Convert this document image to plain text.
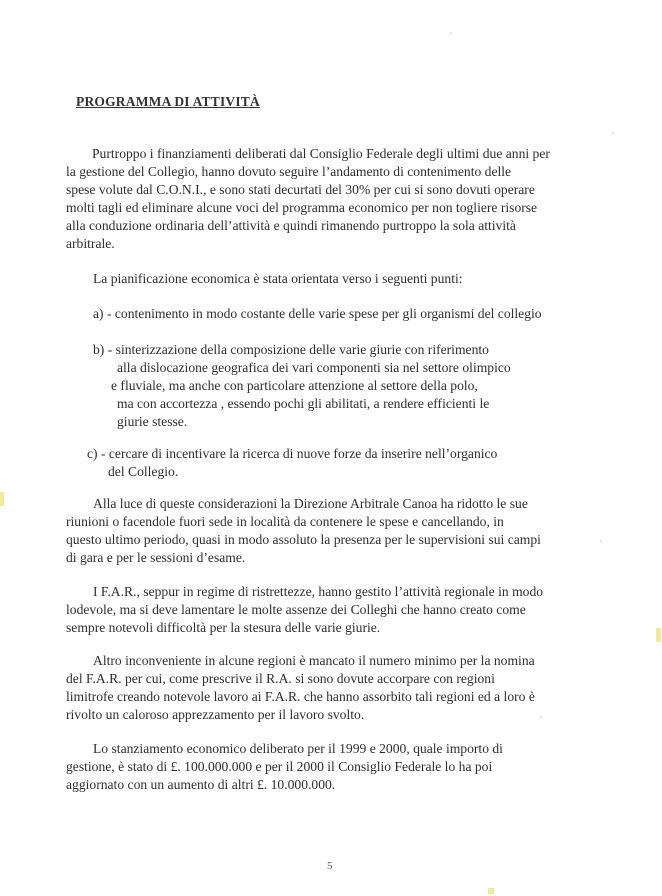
PROGRAMMA DI ATTIVITÀ
Purtroppo i finanziamenti deliberati dal Consiglio Federale degli ultimi due anni per
la gestione del Collegio, hanno dovuto seguire l’andamento di contenimento delle
spese volute dal C.O.N.I., e sono stati decurtati del 30% per cui si sono dovuti operare
molti tagli ed eliminare alcune voci del programma economico per non togliere risorse
alla conduzione ordinaria dell’attività e quindi rimanendo purtroppo la sola attività
arbitrale.
La pianificazione economica è stata orientata verso i seguenti punti:
a) - contenimento in modo costante delle varie spese per gli organismi del collegio
b) - sinterizzazione della composizione delle varie giurie con riferimento
alla dislocazione geografica dei vari componenti sia nel settore olimpico
e fluviale, ma anche con particolare attenzione al settore della polo,
ma con accortezza , essendo pochi gli abilitati, a rendere efficienti le
giurie stesse.
c) - cercare di incentivare la ricerca di nuove forze da inserire nell’organico
del Collegio.
Alla luce di queste considerazioni la Direzione Arbitrale Canoa ha ridotto le sue
riunioni o facendole fuori sede in località da contenere le spese e cancellando, in
questo ultimo periodo, quasi in modo assoluto la presenza per le supervisioni sui campi
di gara e per le sessioni d’esame.
I F.A.R., seppur in regime di ristrettezze, hanno gestito l’attività regionale in modo
lodevole, ma si deve lamentare le molte assenze dei Colleghi che hanno creato come
sempre notevoli difficoltà per la stesura delle varie giurie.
Altro inconveniente in alcune regioni è mancato il numero minimo per la nomina
del F.A.R. per cui, come prescrive il R.A. si sono dovute accorpare con regioni
limitrofe creando notevole lavoro ai F.A.R. che hanno assorbito tali regioni ed a loro è
rivolto un caloroso apprezzamento per il lavoro svolto.
Lo stanziamento economico deliberato per il 1999 e 2000, quale importo di
gestione, è stato di £. 100.000.000 e per il 2000 il Consiglio Federale lo ha poi
aggiornato con un aumento di altri £. 10.000.000.
5
